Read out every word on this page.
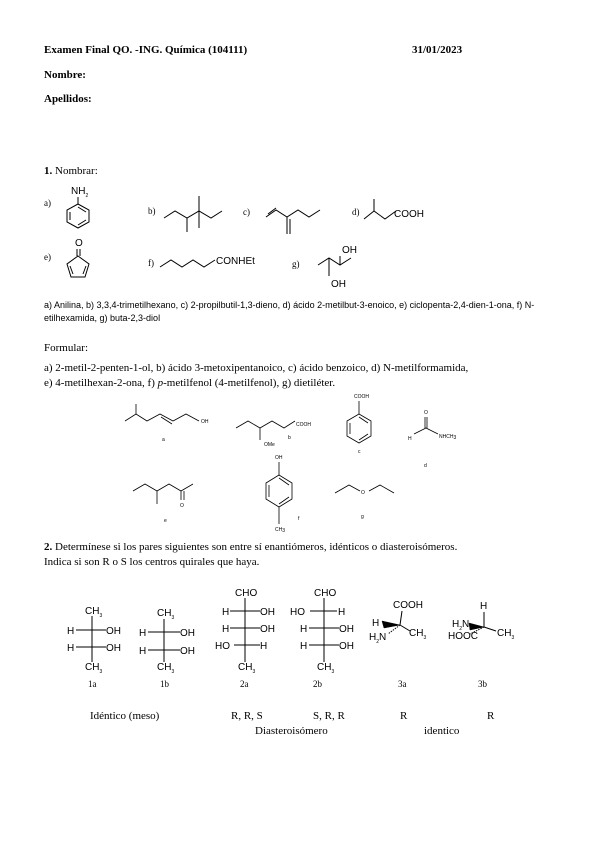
Examen Final QO. -ING. Química (104111)	31/01/2023
Nombre:
Apellidos:
1. Nombrar:
a)
b)	c)	d)
e)
f)	g)
$NH_2$
COOH
O
CONHEt
OH
OH
a) Anilina, b) 3,3,4-trimetilhexano, c) 2-propilbutil-1,3-dieno, d) ácido 2-metilbut-3-enoico, e) ciclopenta-2,4-dien-1-ona, f) N-etilhexamida, g) buta-2,3-diol
Formular:
a) 2-metil-2-penten-1-ol, b) ácido 3-metoxipentanoico, c) ácido benzoico, d) N-metilformamida,
e) 4-metilhexan-2-ona, f) p-metilfenol (4-metilfenol), g) dietiléter.
OH
a
COOH
OMe
b
COOH
c
O
H	NHCH3
d
O
e
OH
CH3
f
O
g
2. Determínese si los pares siguientes son entre sí enantiómeros, idénticos o diasteroisómeros.
Indica si son R o S los centros quirales que haya.
$CH_3$
H	OH
H	OH
$CH_3$
$CH_3$
H	OH
H	OH
$CH_3$
CHO
H	OH
H	OH
HO	H
$CH_3$
CHO
HO	H
H	OH
H	OH
$CH_3$
COOH
H
$H_2N$ $CH_3$
H
$H_2N$
HOOC $CH_3$
1a	1b	2a	2b	3a	3b
Idéntico (meso)	R, R, S	S, R, R	R	R
Diasteroisómero	identico
